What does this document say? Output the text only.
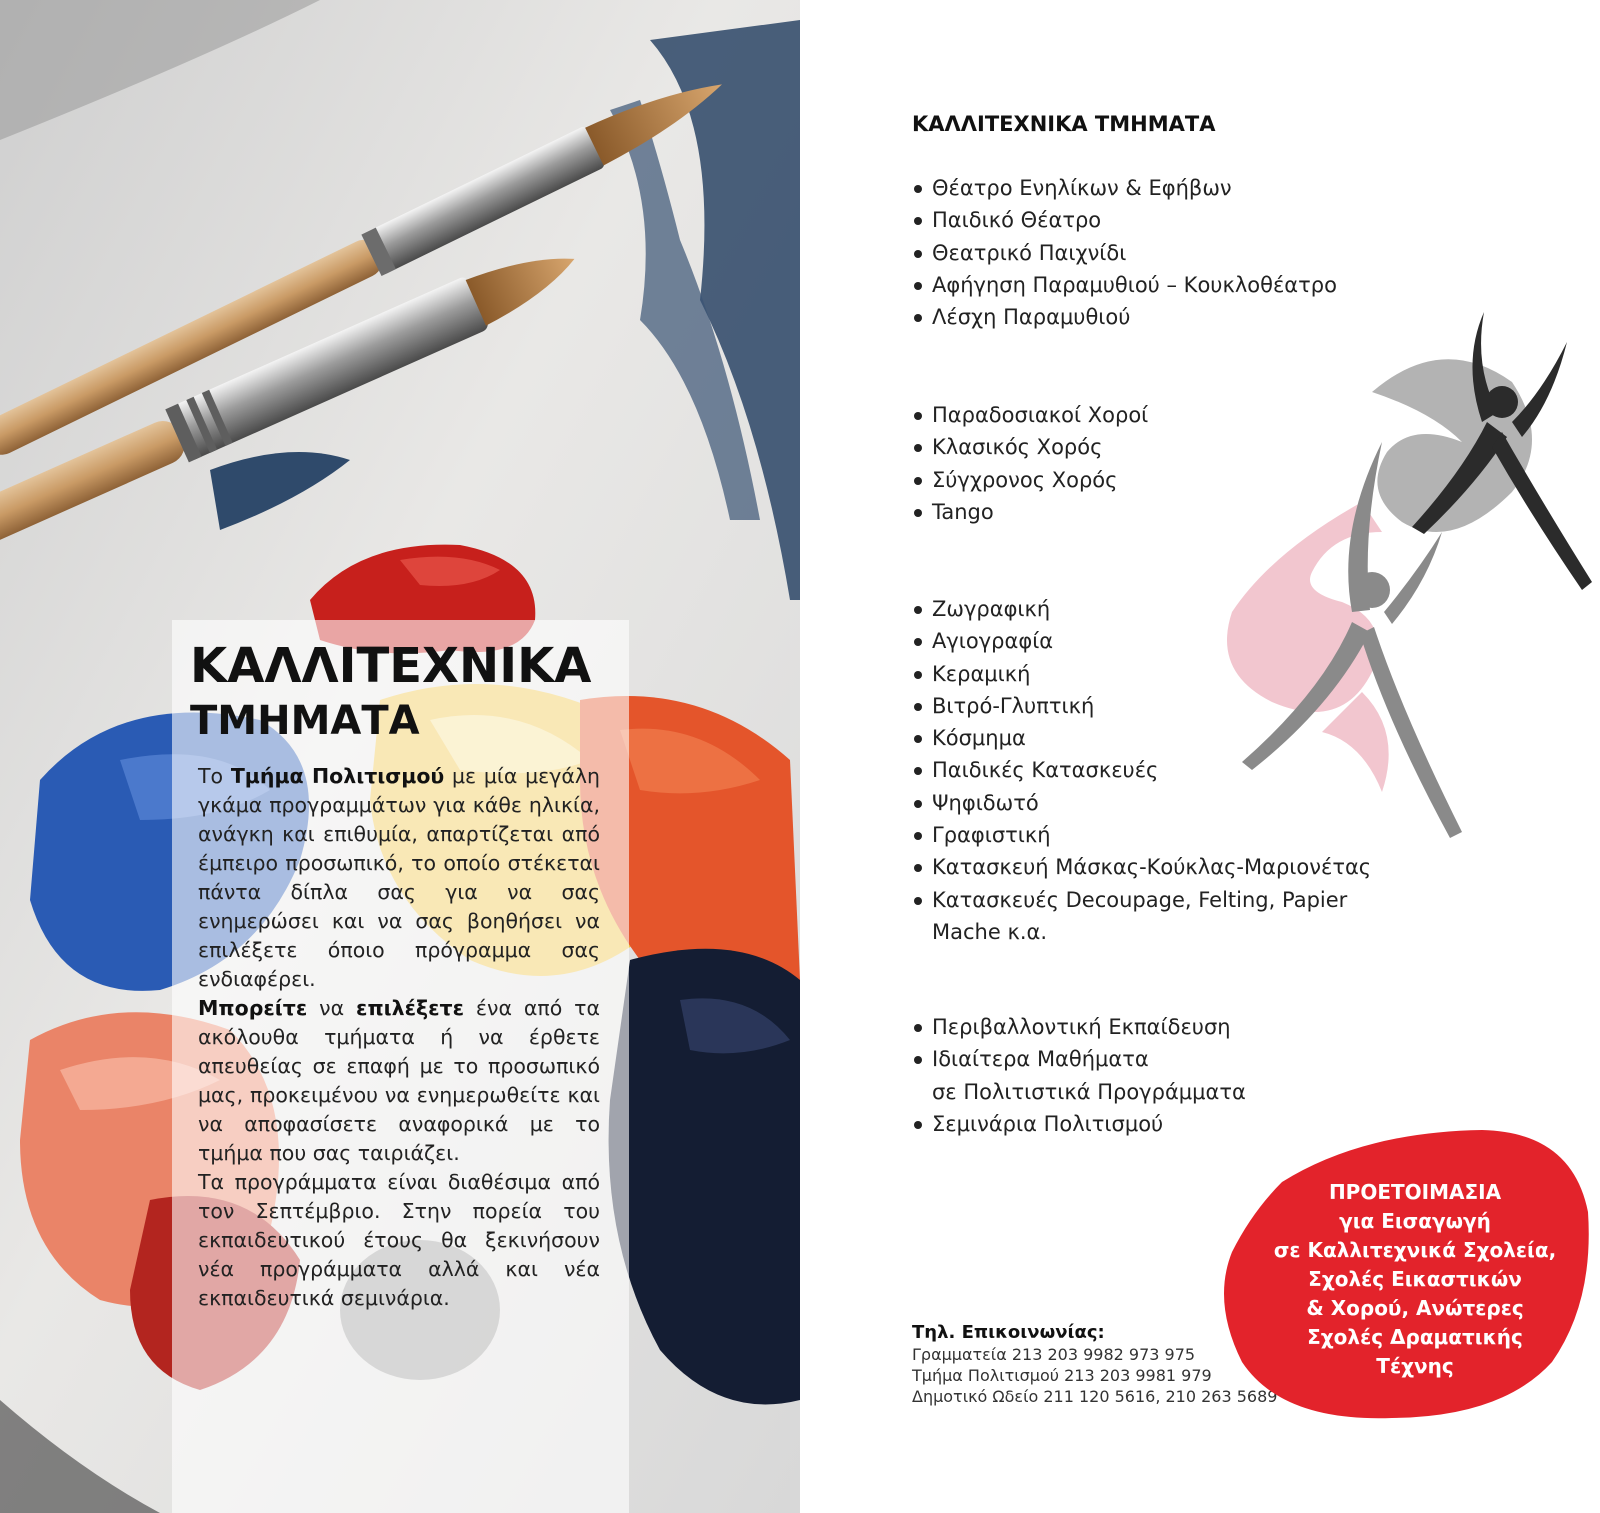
ΚΑΛΛΙΤΕΧΝΙΚΑ
ΤΜΗΜΑΤΑ

Το Τμήμα Πολιτισμού με μία μεγάλη γκάμα προγραμμάτων για κάθε ηλικία, ανάγκη και επιθυμία, απαρτίζεται από έμπειρο προσωπικό, το οποίο στέκεται πάντα δίπλα σας για να σας ενημερώσει και να σας βοηθήσει να επιλέξετε όποιο πρόγραμμα σας ενδιαφέρει.

Μπορείτε να επιλέξετε ένα από τα ακόλουθα τμήματα ή να έρθετε απευθείας σε επαφή με το προσωπικό μας, προκειμένου να ενημερωθείτε και να αποφασίσετε αναφορικά με το τμήμα που σας ταιριάζει.

Τα προγράμματα είναι διαθέσιμα από τον Σεπτέμβριο. Στην πορεία του εκπαιδευτικού έτους θα ξεκινήσουν νέα προγράμματα αλλά και νέα εκπαιδευτικά σεμινάρια.

ΚΑΛΛΙΤΕΧΝΙΚΑ ΤΜΗΜΑΤΑ
Θέατρο Ενηλίκων & Εφήβων
Παιδικό Θέατρο
Θεατρικό Παιχνίδι
Αφήγηση Παραμυθιού – Κουκλοθέατρο
Λέσχη Παραμυθιού
Παραδοσιακοί Χοροί
Κλασικός Χορός
Σύγχρονος Χορός
Tango
Ζωγραφική
Αγιογραφία
Κεραμική
Βιτρό-Γλυπτική
Κόσμημα
Παιδικές Κατασκευές
Ψηφιδωτό
Γραφιστική
Κατασκευή Μάσκας-Κούκλας-Μαριονέτας
Κατασκευές Decoupage, Felting, Papier
Mache κ.α.
Περιβαλλοντική Εκπαίδευση
Ιδιαίτερα Μαθήματα
σε Πολιτιστικά Προγράμματα
Σεμινάρια Πολιτισμού
Τηλ. Επικοινωνίας:
Γραμματεία 213 203 9982 973 975
Τμήμα Πολιτισμού 213 203 9981 979
Δημοτικό Ωδείο 211 120 5616, 210 263 5689
ΠΡΟΕΤΟΙΜΑΣΙΑ
για Εισαγωγή
σε Καλλιτεχνικά Σχολεία,
Σχολές Εικαστικών
& Χορού, Ανώτερες
Σχολές Δραματικής
Τέχνης
